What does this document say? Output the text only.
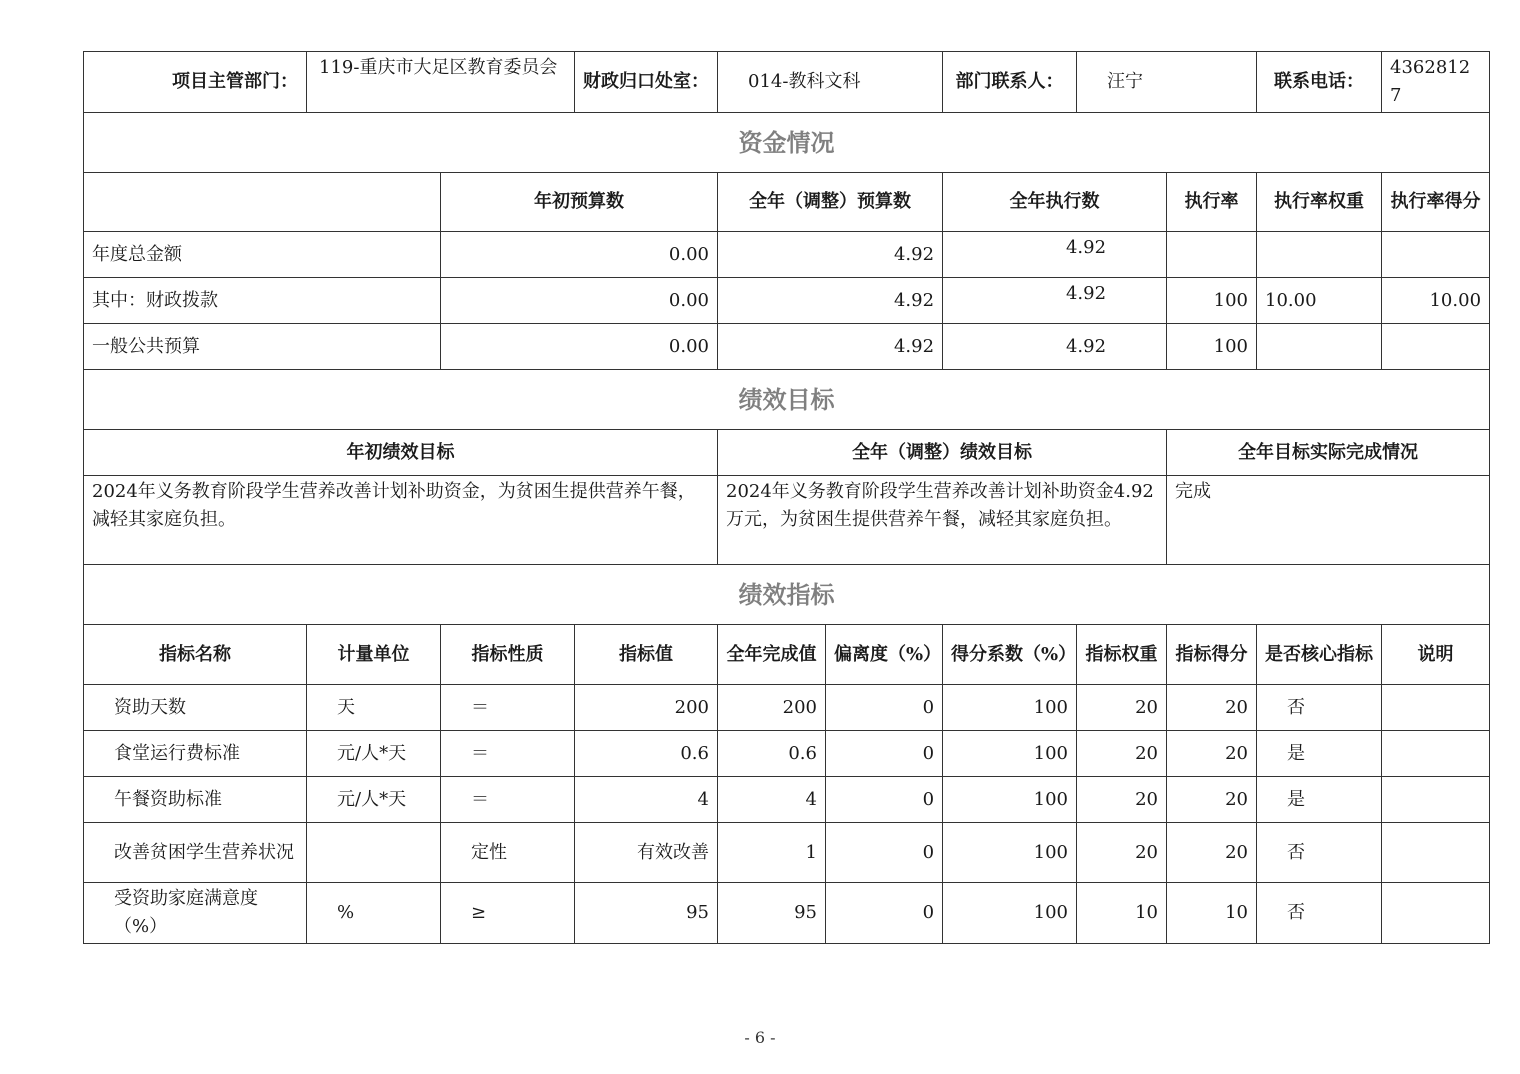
项目主管部门：	119-重庆市大足区教育委员会		财政归口处室：	014-教科文科		部门联系人：	汪宁		联系电话：	43628127
资金情况										
		年初预算数		全年（调整）预算数		全年执行数		执行率	执行率权重	执行率得分
年度总金额		0.00		4.92		4.92				
其中：财政拨款		0.00		4.92		4.92		100	10.00	10.00
一般公共预算		0.00		4.92		4.92		100		
绩效目标										
年初绩效目标				全年（调整）绩效目标				全年目标实际完成情况		
2024年义务教育阶段学生营养改善计划补助资金，为贫困生提供营养午餐，减轻其家庭负担。				2024年义务教育阶段学生营养改善计划补助资金4.92万元，为贫困生提供营养午餐，减轻其家庭负担。				完成		
绩效指标										
指标名称	计量单位	指标性质	指标值	全年完成值	偏离度（%）	得分系数（%）	指标权重	指标得分	是否核心指标	说明
资助天数	天	＝	200	200	0	100	20	20	否	
食堂运行费标准	元/人*天	＝	0.6	0.6	0	100	20	20	是	
午餐资助标准	元/人*天	＝	4	4	0	100	20	20	是	
改善贫困学生营养状况		定性	有效改善	1	0	100	20	20	否	
受资助家庭满意度（%）	%	≥	95	95	0	100	10	10	否	
- 6 -
